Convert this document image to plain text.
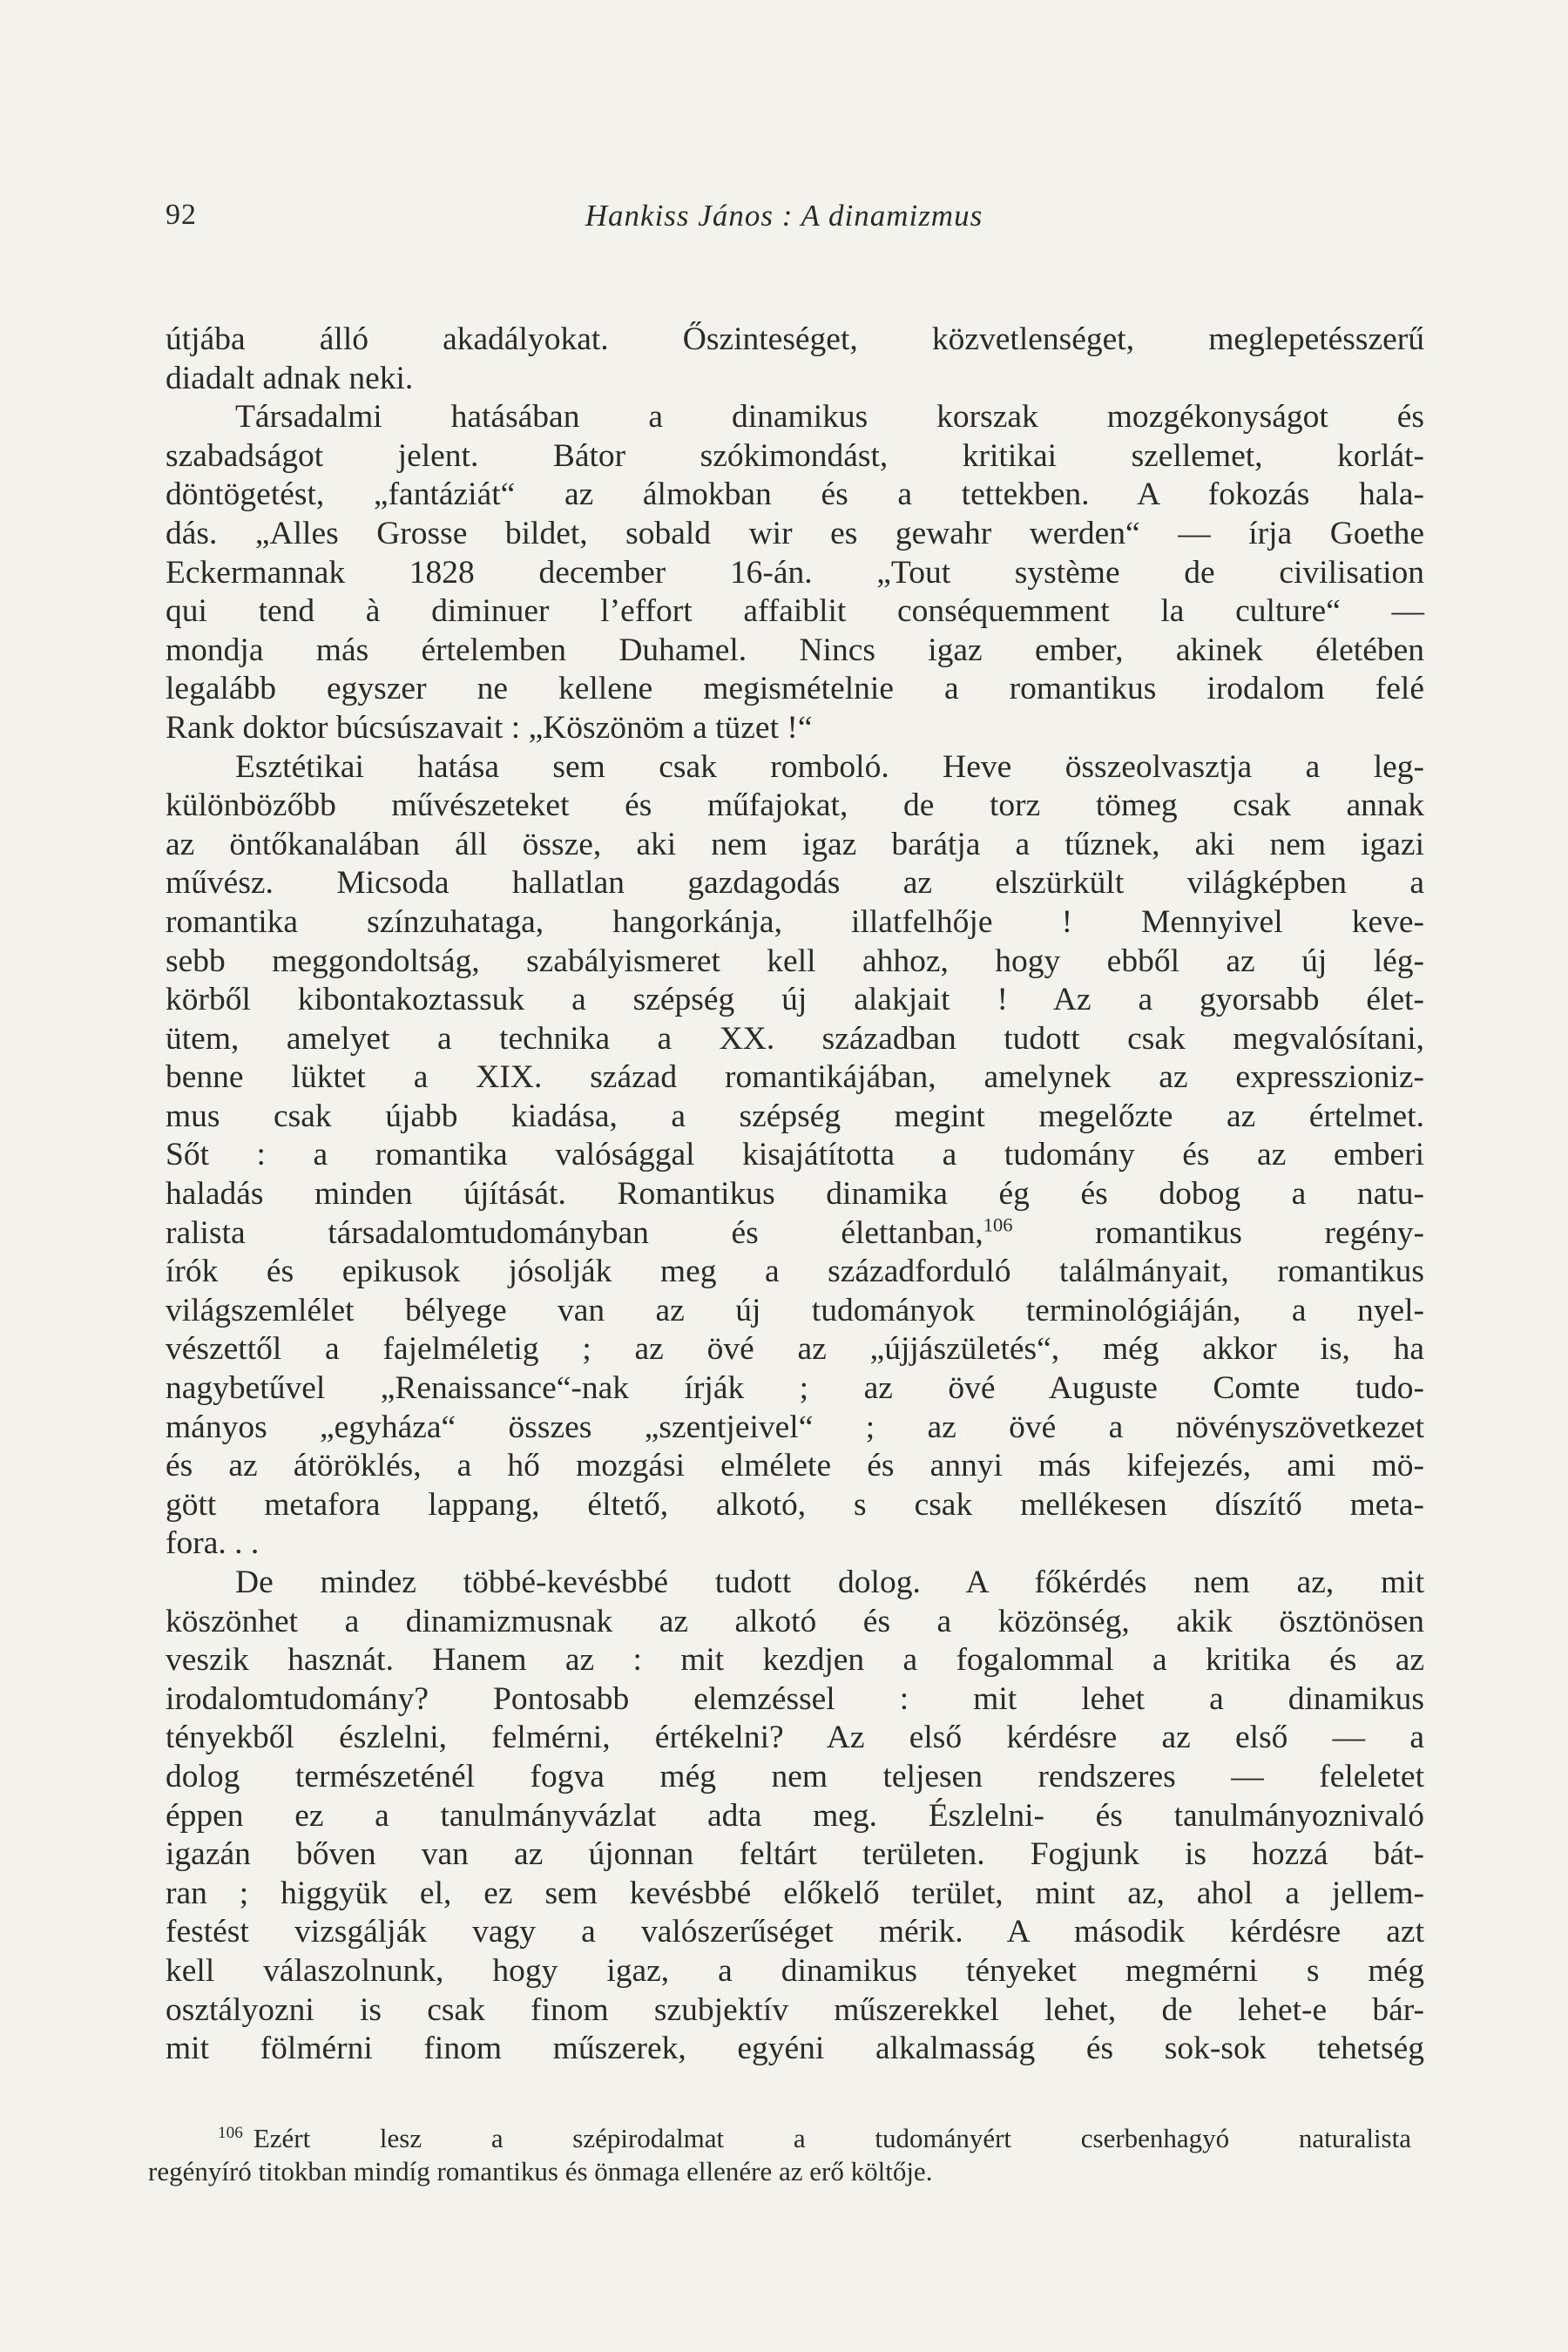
92	Hankiss János : A dinamizmus
útjába álló akadályokat. Őszinteséget, közvetlenséget, meglepetésszerű
diadalt adnak neki.
Társadalmi hatásában a dinamikus korszak mozgékonyságot és
szabadságot jelent. Bátor szókimondást, kritikai szellemet, korlát-
döntögetést, „fantáziát“ az álmokban és a tettekben. A fokozás hala-
dás. „Alles Grosse bildet, sobald wir es gewahr werden“ — írja Goethe
Eckermannak 1828 december 16-án. „Tout système de civilisation
qui tend à diminuer l’effort affaiblit conséquemment la culture“ —
mondja más értelemben Duhamel. Nincs igaz ember, akinek életében
legalább egyszer ne kellene megismételnie a romantikus irodalom felé
Rank doktor búcsúszavait : „Köszönöm a tüzet !“
Esztétikai hatása sem csak romboló. Heve összeolvasztja a leg-
különbözőbb művészeteket és műfajokat, de torz tömeg csak annak
az öntőkanalában áll össze, aki nem igaz barátja a tűznek, aki nem igazi
művész. Micsoda hallatlan gazdagodás az elszürkült világképben a
romantika színzuhataga, hangorkánja, illatfelhője ! Mennyivel keve-
sebb meggondoltság, szabályismeret kell ahhoz, hogy ebből az új lég-
körből kibontakoztassuk a szépség új alakjait ! Az a gyorsabb élet-
ütem, amelyet a technika a XX. században tudott csak megvalósítani,
benne lüktet a XIX. század romantikájában, amelynek az expresszioniz-
mus csak újabb kiadása, a szépség megint megelőzte az értelmet.
Sőt : a romantika valósággal kisajátította a tudomány és az emberi
haladás minden újítását. Romantikus dinamika ég és dobog a natu-
ralista társadalomtudományban és élettanban,$^{106}$ romantikus regény-
írók és epikusok jósolják meg a századforduló találmányait, romantikus
világszemlélet bélyege van az új tudományok terminológiáján, a nyel-
vészettől a fajelméletig ; az övé az „újjászületés“, még akkor is, ha
nagybetűvel „Renaissance“-nak írják ; az övé Auguste Comte tudo-
mányos „egyháza“ összes „szentjeivel“ ; az övé a növényszövetkezet
és az átöröklés, a hő mozgási elmélete és annyi más kifejezés, ami mö-
gött metafora lappang, éltető, alkotó, s csak mellékesen díszítő meta-
fora. . .
De mindez többé-kevésbbé tudott dolog. A főkérdés nem az, mit
köszönhet a dinamizmusnak az alkotó és a közönség, akik ösztönösen
veszik hasznát. Hanem az : mit kezdjen a fogalommal a kritika és az
irodalomtudomány? Pontosabb elemzéssel : mit lehet a dinamikus
tényekből észlelni, felmérni, értékelni? Az első kérdésre az első — a
dolog természeténél fogva még nem teljesen rendszeres — feleletet
éppen ez a tanulmányvázlat adta meg. Észlelni- és tanulmányoznivaló
igazán bőven van az újonnan feltárt területen. Fogjunk is hozzá bát-
ran ; higgyük el, ez sem kevésbbé előkelő terület, mint az, ahol a jellem-
festést vizsgálják vagy a valószerűséget mérik. A második kérdésre azt
kell válaszolnunk, hogy igaz, a dinamikus tényeket megmérni s még
osztályozni is csak finom szubjektív műszerekkel lehet, de lehet-e bár-
mit fölmérni finom műszerek, egyéni alkalmasság és sok-sok tehetség
$^{106}$ Ezért lesz a szépirodalmat a tudományért cserbenhagyó naturalista
regényíró titokban mindíg romantikus és önmaga ellenére az erő költője.
